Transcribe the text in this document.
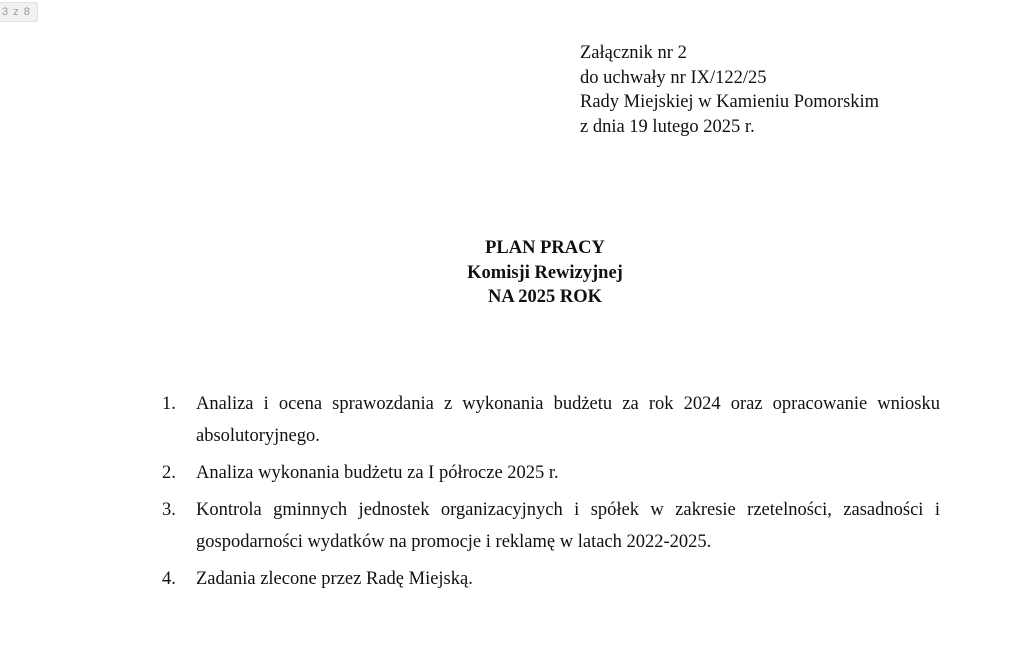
3 z 8
Załącznik nr 2
do uchwały nr IX/122/25
Rady Miejskiej w Kamieniu Pomorskim
z dnia 19 lutego 2025 r.
PLAN PRACY
Komisji Rewizyjnej
NA 2025 ROK
1. Analiza i ocena sprawozdania z wykonania budżetu za rok 2024 oraz opracowanie wniosku absolutoryjnego.
2. Analiza wykonania budżetu za I półrocze 2025 r.
3. Kontrola gminnych jednostek organizacyjnych i spółek w zakresie rzetelności, zasadności i gospodarności wydatków na promocje i reklamę w latach 2022-2025.
4. Zadania zlecone przez Radę Miejską.
